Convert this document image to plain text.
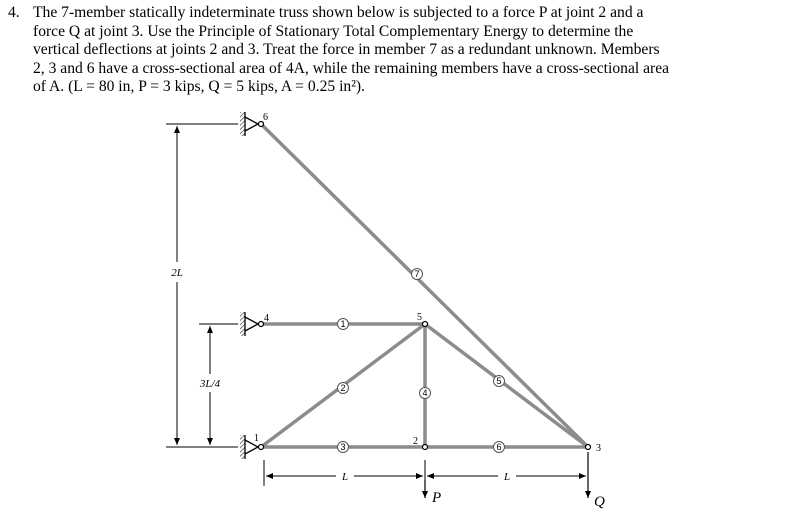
4. The 7-member statically indeterminate truss shown below is subjected to a force P at joint 2 and a
force Q at joint 3. Use the Principle of Stationary Total Complementary Energy to determine the
vertical deflections at joints 2 and 3. Treat the force in member 7 as a redundant unknown. Members
2, 3 and 6 have a cross-sectional area of 4A, while the remaining members have a cross-sectional area
of A. (L = 80 in, P = 3 kips, Q = 5 kips, A = 0.25 in²).
1
2
3
4
5
6
7
1	2
3
4	5
6
2L
3L/4
L	L
P	Q
